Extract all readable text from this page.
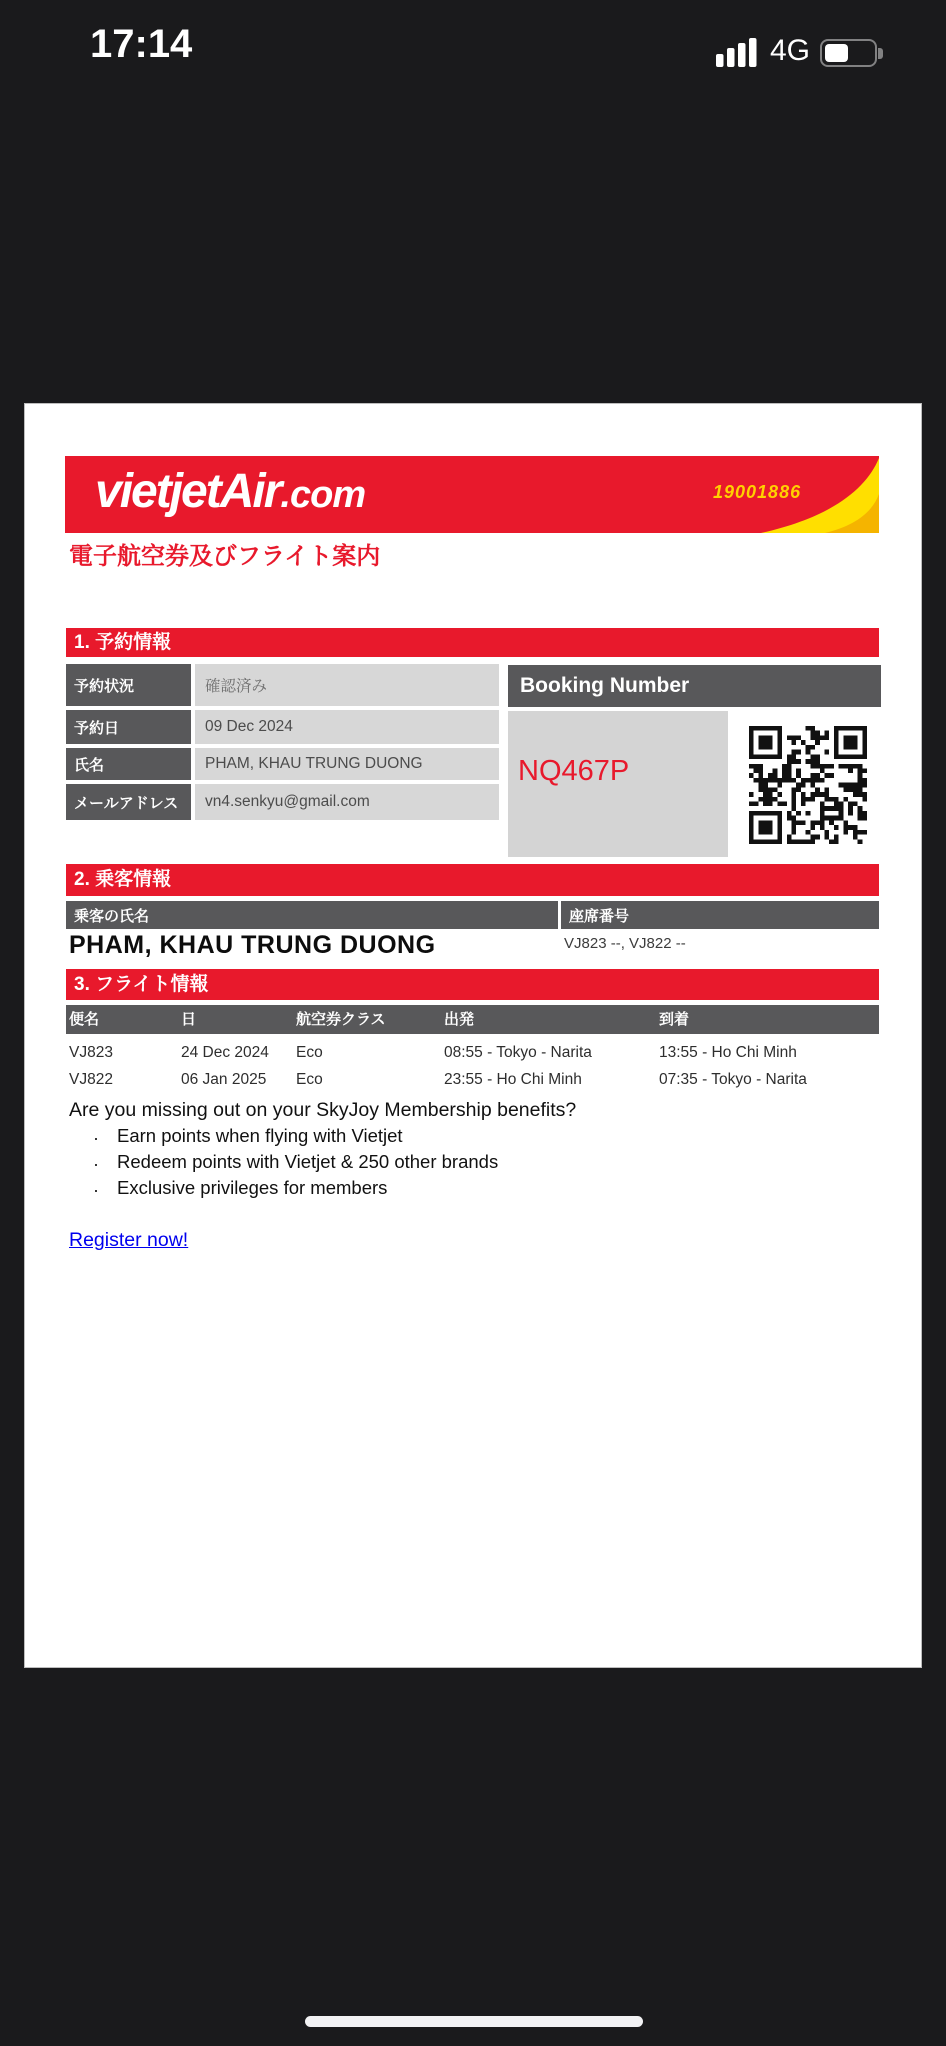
17:14	4G
vietjetAir.com	19001886
電子航空券及びフライト案内
1. 予約情報
予約状況	確認済み
予約日	09 Dec 2024
氏名	PHAM, KHAU TRUNG DUONG
メールアドレス	vn4.senkyu@gmail.com
Booking Number
NQ467P
2. 乗客情報
乗客の氏名	座席番号
PHAM, KHAU TRUNG DUONG	VJ823 --, VJ822 --
3. フライト情報
便名	日	航空券クラス	出発	到着
VJ823	24 Dec 2024 Eco	08:55 - Tokyo - Narita	13:55 - Ho Chi Minh
VJ822	06 Jan 2025 Eco	23:55 - Ho Chi Minh	07:35 - Tokyo - Narita
Are you missing out on your SkyJoy Membership benefits?
· Earn points when flying with Vietjet
· Redeem points with Vietjet & 250 other brands
· Exclusive privileges for members
Register now!
